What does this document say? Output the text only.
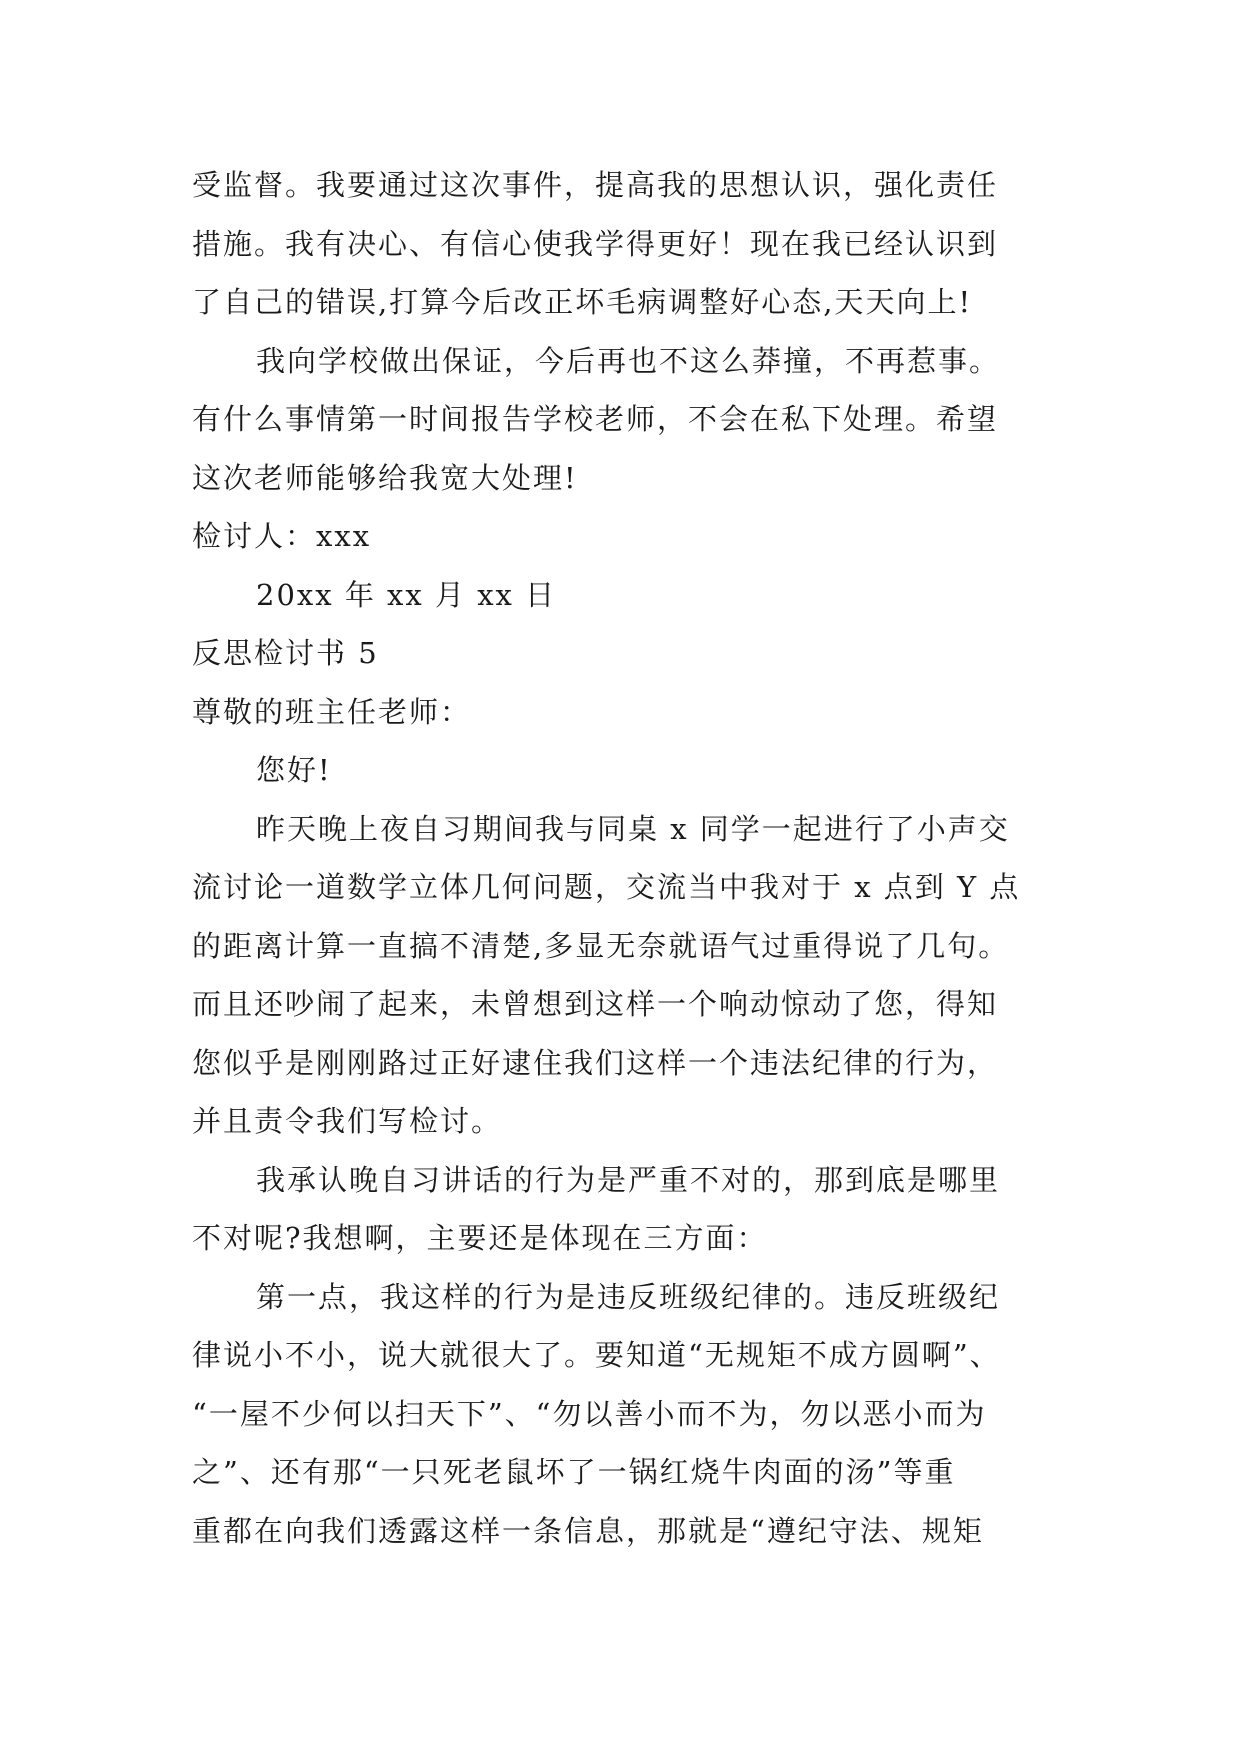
受监督。我要通过这次事件，提高我的思想认识，强化责任
措施。我有决心、有信心使我学得更好！现在我已经认识到
了自己的错误,打算今后改正坏毛病调整好心态,天天向上!
我向学校做出保证，今后再也不这么莽撞，不再惹事。
有什么事情第一时间报告学校老师，不会在私下处理。希望
这次老师能够给我宽大处理!
检讨人：xxx
20xx 年 xx 月 xx 日
反思检讨书 5
尊敬的班主任老师：
您好!
昨天晚上夜自习期间我与同桌 x 同学一起进行了小声交
流讨论一道数学立体几何问题，交流当中我对于 x 点到 Y 点
的距离计算一直搞不清楚,多显无奈就语气过重得说了几句。
而且还吵闹了起来，未曾想到这样一个响动惊动了您，得知
您似乎是刚刚路过正好逮住我们这样一个违法纪律的行为，
并且责令我们写检讨。
我承认晚自习讲话的行为是严重不对的，那到底是哪里
不对呢?我想啊，主要还是体现在三方面：
第一点，我这样的行为是违反班级纪律的。违反班级纪
律说小不小，说大就很大了。要知道“无规矩不成方圆啊”、
“一屋不少何以扫天下”、“勿以善小而不为，勿以恶小而为
之”、还有那“一只死老鼠坏了一锅红烧牛肉面的汤”等重
重都在向我们透露这样一条信息，那就是“遵纪守法、规矩
